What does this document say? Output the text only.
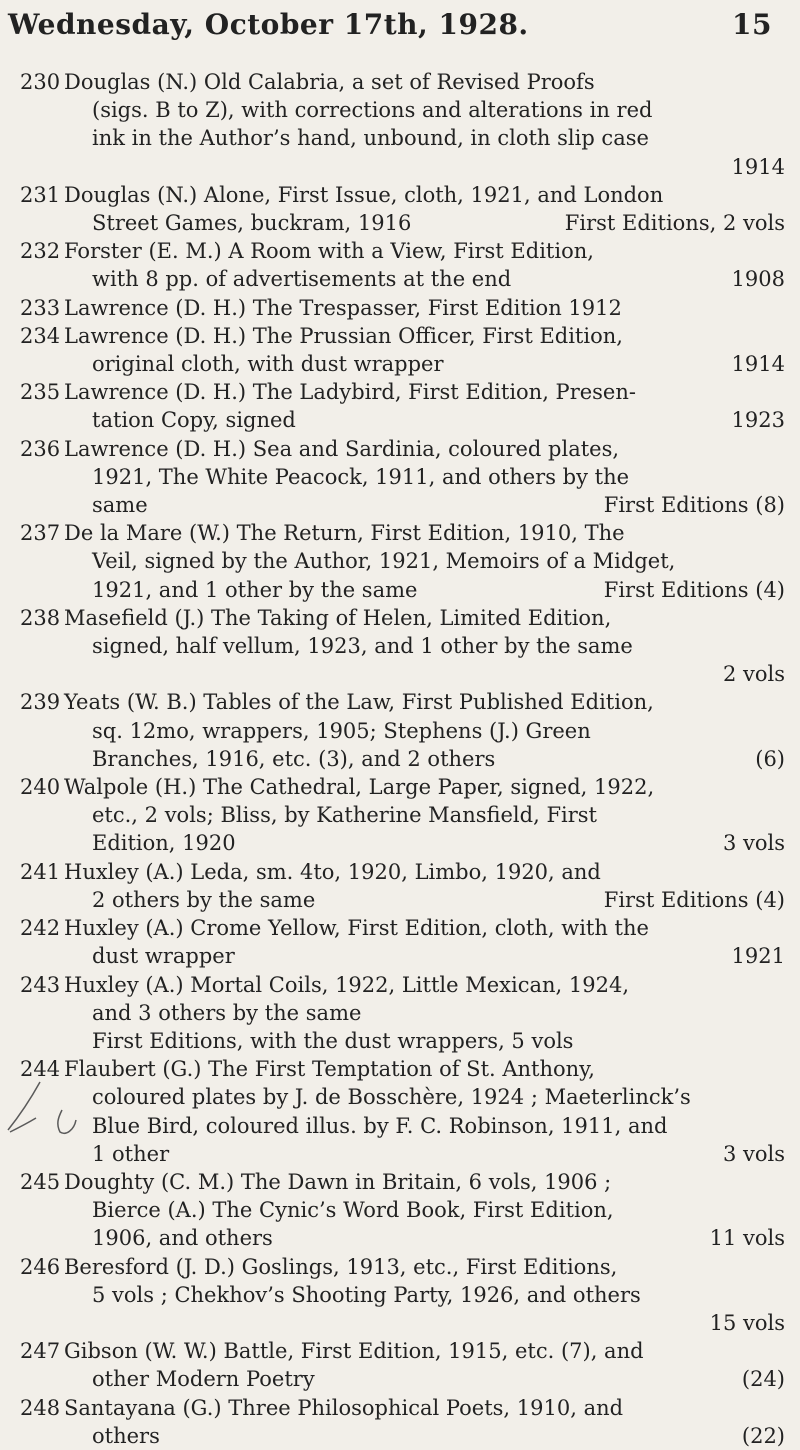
Wednesday, October 17th, 1928.	15
230 Douglas (N.) Old Calabria, a set of Revised Proofs
(sigs. B to Z), with corrections and alterations in red
ink in the Author’s hand, unbound, in cloth slip case
1914
231 Douglas (N.) Alone, First Issue, cloth, 1921, and London
Street Games, buckram, 1916	First Editions, 2 vols
232 Forster (E. M.) A Room with a View, First Edition,
with 8 pp. of advertisements at the end	1908
233 Lawrence (D. H.) The Trespasser, First Edition 1912
234 Lawrence (D. H.) The Prussian Officer, First Edition,
original cloth, with dust wrapper	1914
235 Lawrence (D. H.) The Ladybird, First Edition, Presen-
tation Copy, signed	1923
236 Lawrence (D. H.) Sea and Sardinia, coloured plates,
1921, The White Peacock, 1911, and others by the
same	First Editions (8)
237 De la Mare (W.) The Return, First Edition, 1910, The
Veil, signed by the Author, 1921, Memoirs of a Midget,
1921, and 1 other by the same	First Editions (4)
238 Masefield (J.) The Taking of Helen, Limited Edition,
signed, half vellum, 1923, and 1 other by the same
2 vols
239 Yeats (W. B.) Tables of the Law, First Published Edition,
sq. 12mo, wrappers, 1905; Stephens (J.) Green
Branches, 1916, etc. (3), and 2 others	(6)
240 Walpole (H.) The Cathedral, Large Paper, signed, 1922,
etc., 2 vols; Bliss, by Katherine Mansfield, First
Edition, 1920	3 vols
241 Huxley (A.) Leda, sm. 4to, 1920, Limbo, 1920, and
2 others by the same	First Editions (4)
242 Huxley (A.) Crome Yellow, First Edition, cloth, with the
dust wrapper	1921
243 Huxley (A.) Mortal Coils, 1922, Little Mexican, 1924,
and 3 others by the same
First Editions, with the dust wrappers, 5 vols
244 Flaubert (G.) The First Temptation of St. Anthony,
coloured plates by J. de Bosschère, 1924 ; Maeterlinck’s
Blue Bird, coloured illus. by F. C. Robinson, 1911, and
1 other	3 vols
245 Doughty (C. M.) The Dawn in Britain, 6 vols, 1906 ;
Bierce (A.) The Cynic’s Word Book, First Edition,
1906, and others	11 vols
246 Beresford (J. D.) Goslings, 1913, etc., First Editions,
5 vols ; Chekhov’s Shooting Party, 1926, and others
15 vols
247 Gibson (W. W.) Battle, First Edition, 1915, etc. (7), and
other Modern Poetry	(24)
248 Santayana (G.) Three Philosophical Poets, 1910, and
others	(22)
